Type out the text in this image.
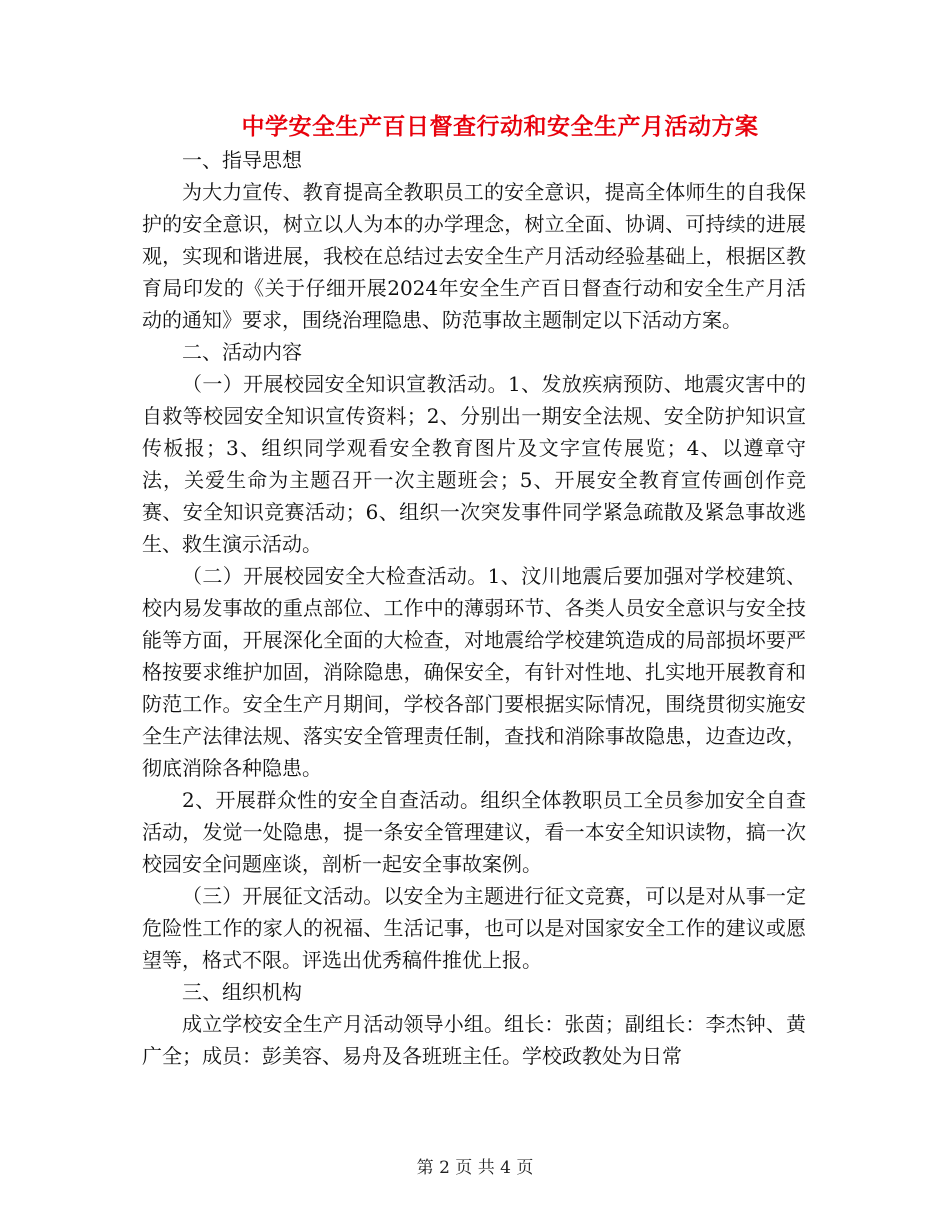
中学安全生产百日督查行动和安全生产月活动方案

一、指导思想

为大力宣传、教育提高全教职员工的安全意识，提高全体师生的自我保护的安全意识，树立以人为本的办学理念，树立全面、协调、可持续的进展观，实现和谐进展，我校在总结过去安全生产月活动经验基础上，根据区教育局印发的《关于仔细开展2024年安全生产百日督查行动和安全生产月活动的通知》要求，围绕治理隐患、防范事故主题制定以下活动方案。

二、活动内容

（一）开展校园安全知识宣教活动。1、发放疾病预防、地震灾害中的自救等校园安全知识宣传资料；2、分别出一期安全法规、安全防护知识宣传板报；3、组织同学观看安全教育图片及文字宣传展览；4、以遵章守法，关爱生命为主题召开一次主题班会；5、开展安全教育宣传画创作竞赛、安全知识竞赛活动；6、组织一次突发事件同学紧急疏散及紧急事故逃生、救生演示活动。

（二）开展校园安全大检查活动。1、汶川地震后要加强对学校建筑、校内易发事故的重点部位、工作中的薄弱环节、各类人员安全意识与安全技能等方面，开展深化全面的大检查，对地震给学校建筑造成的局部损坏要严格按要求维护加固，消除隐患，确保安全，有针对性地、扎实地开展教育和防范工作。安全生产月期间，学校各部门要根据实际情况，围绕贯彻实施安全生产法律法规、落实安全管理责任制，查找和消除事故隐患，边查边改，彻底消除各种隐患。

2、开展群众性的安全自查活动。组织全体教职员工全员参加安全自查活动，发觉一处隐患，提一条安全管理建议，看一本安全知识读物，搞一次校园安全问题座谈，剖析一起安全事故案例。

（三）开展征文活动。以安全为主题进行征文竞赛，可以是对从事一定危险性工作的家人的祝福、生活记事，也可以是对国家安全工作的建议或愿望等，格式不限。评选出优秀稿件推优上报。

三、组织机构

成立学校安全生产月活动领导小组。组长：张茵；副组长：李杰钟、黄广全；成员：彭美容、易舟及各班班主任。学校政教处为日常

第 2 页 共 4 页
